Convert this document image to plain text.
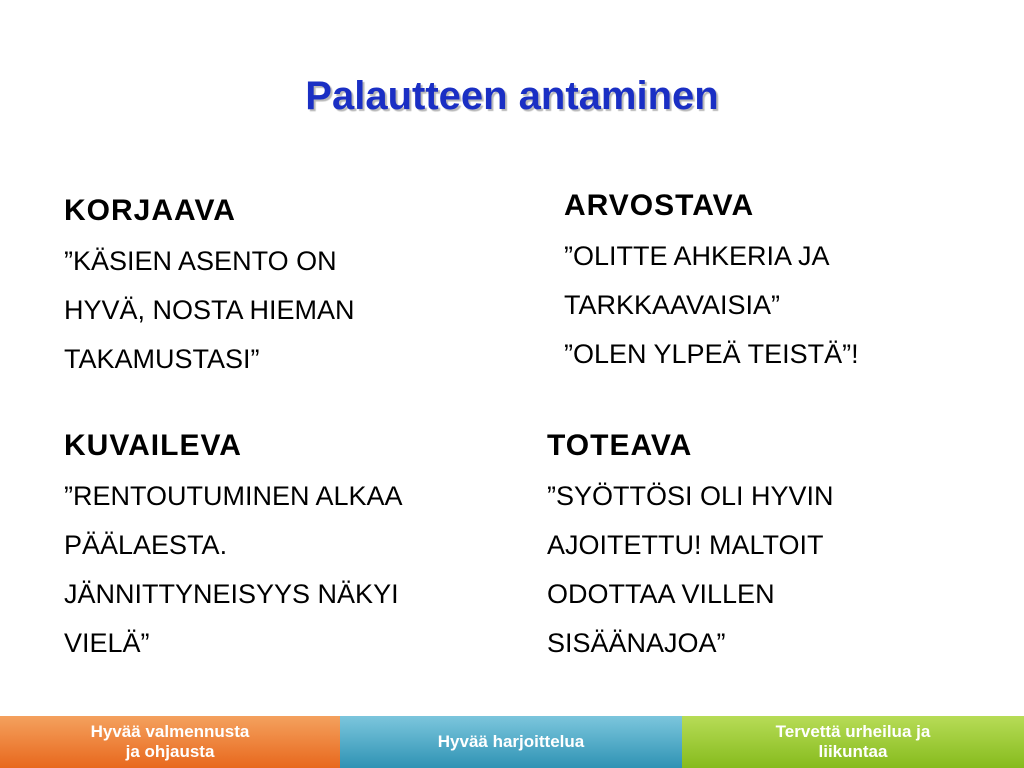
Palautteen antaminen
KORJAAVA
”KÄSIEN ASENTO ON
HYVÄ, NOSTA HIEMAN
TAKAMUSTASI”
ARVOSTAVA
”OLITTE AHKERIA JA
TARKKAAVAISIA”
”OLEN YLPEÄ TEISTÄ”!
KUVAILEVA
”RENTOUTUMINEN ALKAA
PÄÄLAESTA.
JÄNNITTYNEISYYS NÄKYI
VIELÄ”
TOTEAVA
”SYÖTTÖSI OLI HYVIN
AJOITETTU! MALTOIT
ODOTTAA VILLEN
SISÄÄNAJOA”
Hyvää valmennusta
ja ohjausta
Hyvää harjoittelua
Tervettä urheilua ja
liikuntaa
